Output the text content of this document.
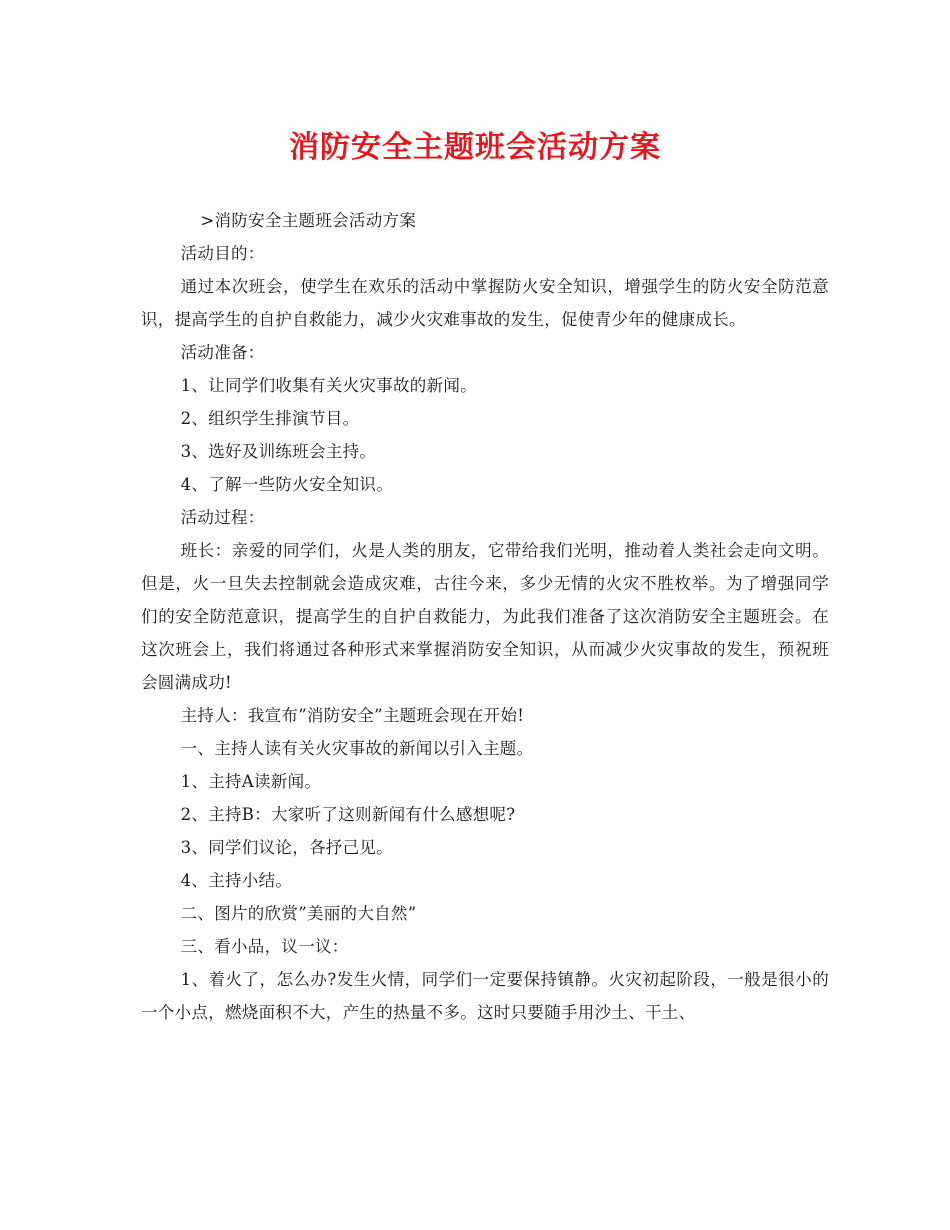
消防安全主题班会活动方案

>消防安全主题班会活动方案

活动目的：

通过本次班会，使学生在欢乐的活动中掌握防火安全知识，增强学生的防火安全防范意识，提高学生的自护自救能力，减少火灾难事故的发生，促使青少年的健康成长。

活动准备：

1、让同学们收集有关火灾事故的新闻。

2、组织学生排演节目。

3、选好及训练班会主持。

4、了解一些防火安全知识。

活动过程：

班长：亲爱的同学们，火是人类的朋友，它带给我们光明，推动着人类社会走向文明。但是，火一旦失去控制就会造成灾难，古往今来，多少无情的火灾不胜枚举。为了增强同学们的安全防范意识，提高学生的自护自救能力，为此我们准备了这次消防安全主题班会。在这次班会上，我们将通过各种形式来掌握消防安全知识，从而减少火灾事故的发生，预祝班会圆满成功!

主持人：我宣布”消防安全”主题班会现在开始!

一、主持人读有关火灾事故的新闻以引入主题。

1、主持A读新闻。

2、主持B：大家听了这则新闻有什么感想呢?

3、同学们议论，各抒己见。

4、主持小结。

二、图片的欣赏”美丽的大自然”

三、看小品，议一议：

1、着火了，怎么办?发生火情，同学们一定要保持镇静。火灾初起阶段，一般是很小的一个小点，燃烧面积不大，产生的热量不多。这时只要随手用沙土、干土、
